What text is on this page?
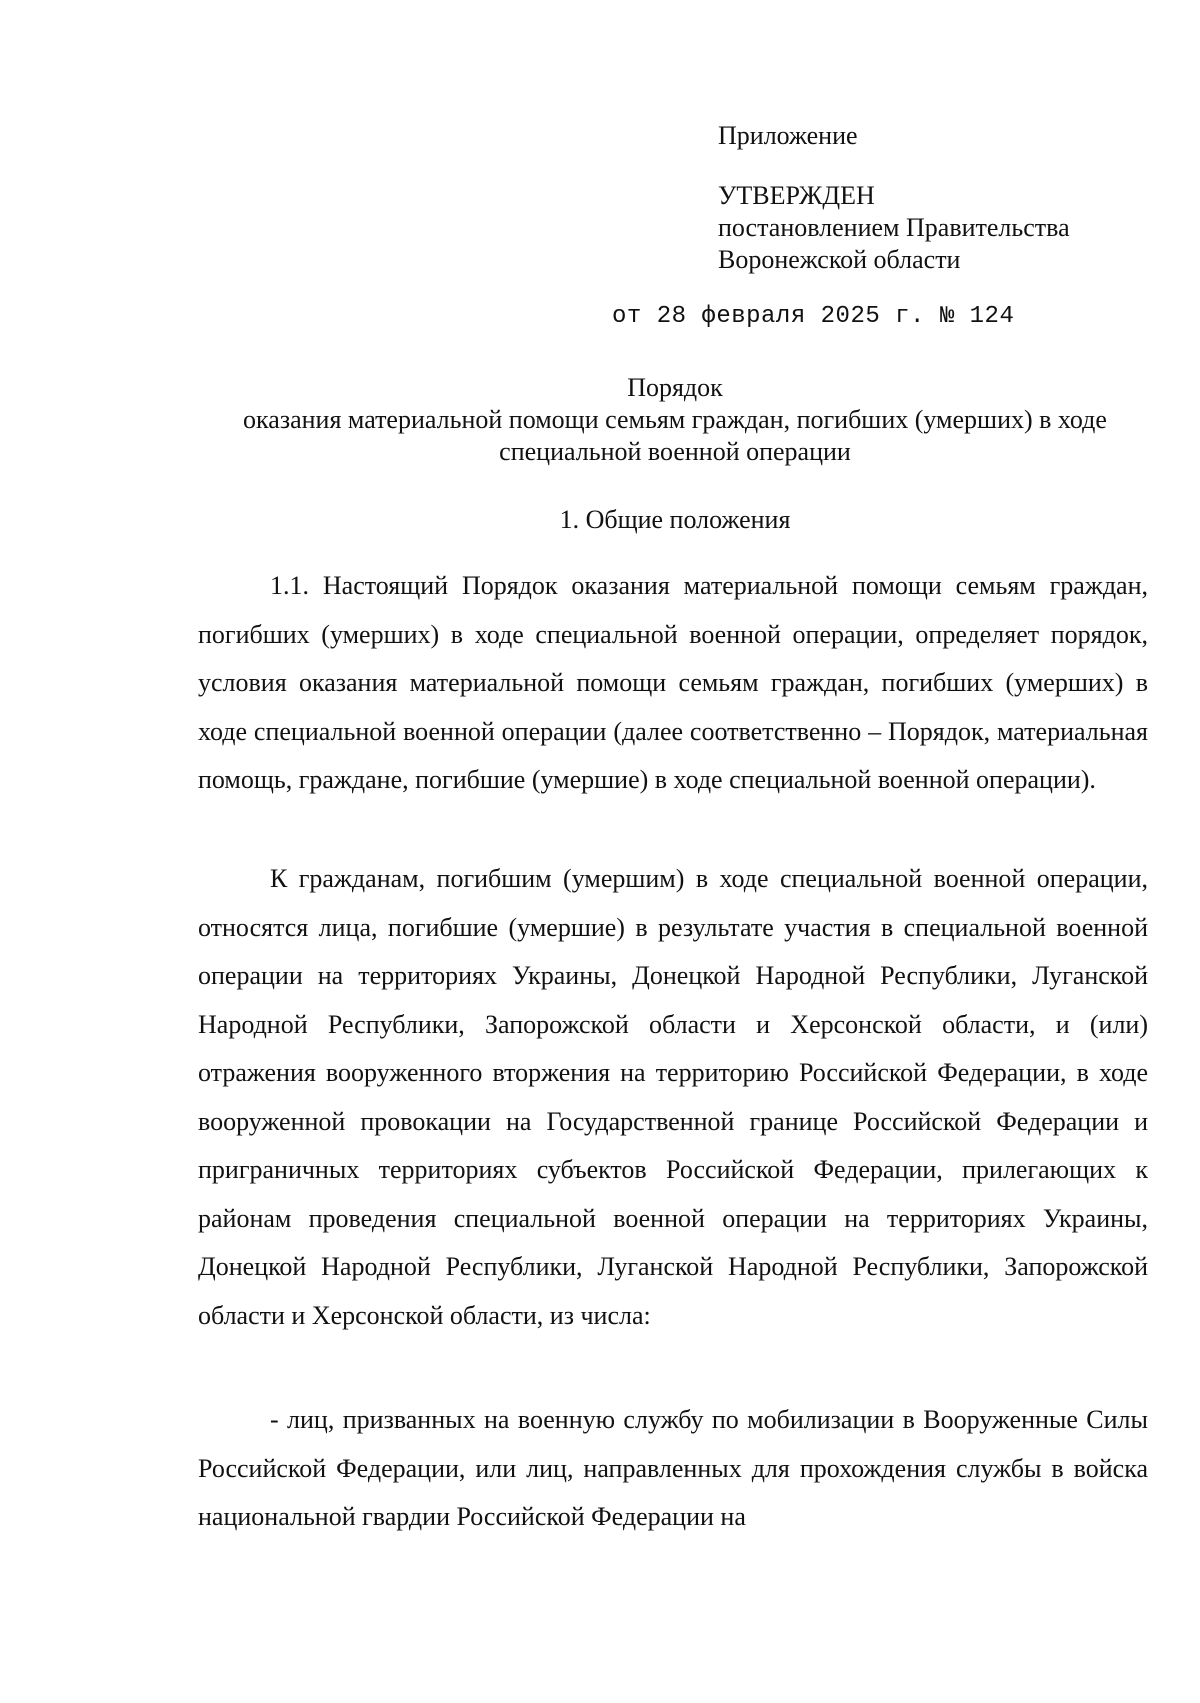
Приложение
УТВЕРЖДЕН
постановлением Правительства
Воронежской области
от 28 февраля 2025 г. № 124
Порядок
оказания материальной помощи семьям граждан, погибших (умерших) в ходе
специальной военной операции
1. Общие положения

1.1. Настоящий Порядок оказания материальной помощи семьям граждан, погибших (умерших) в ходе специальной военной операции, определяет порядок, условия оказания материальной помощи семьям граждан, погибших (умерших) в ходе специальной военной операции (далее соответственно – Порядок, материальная помощь, граждане, погибшие (умершие) в ходе специальной военной операции).

К гражданам, погибшим (умершим) в ходе специальной военной операции, относятся лица, погибшие (умершие) в результате участия в специальной военной операции на территориях Украины, Донецкой Народной Республики, Луганской Народной Республики, Запорожской области и Херсонской области, и (или) отражения вооруженного вторжения на территорию Российской Федерации, в ходе вооруженной провокации на Государственной границе Российской Федерации и приграничных территориях субъектов Российской Федерации, прилегающих к районам проведения специальной военной операции на территориях Украины, Донецкой Народной Республики, Луганской Народной Республики, Запорожской области и Херсонской области, из числа:

- лиц, призванных на военную службу по мобилизации в Вооруженные Силы Российской Федерации, или лиц, направленных для прохождения службы в войска национальной гвардии Российской Федерации на
